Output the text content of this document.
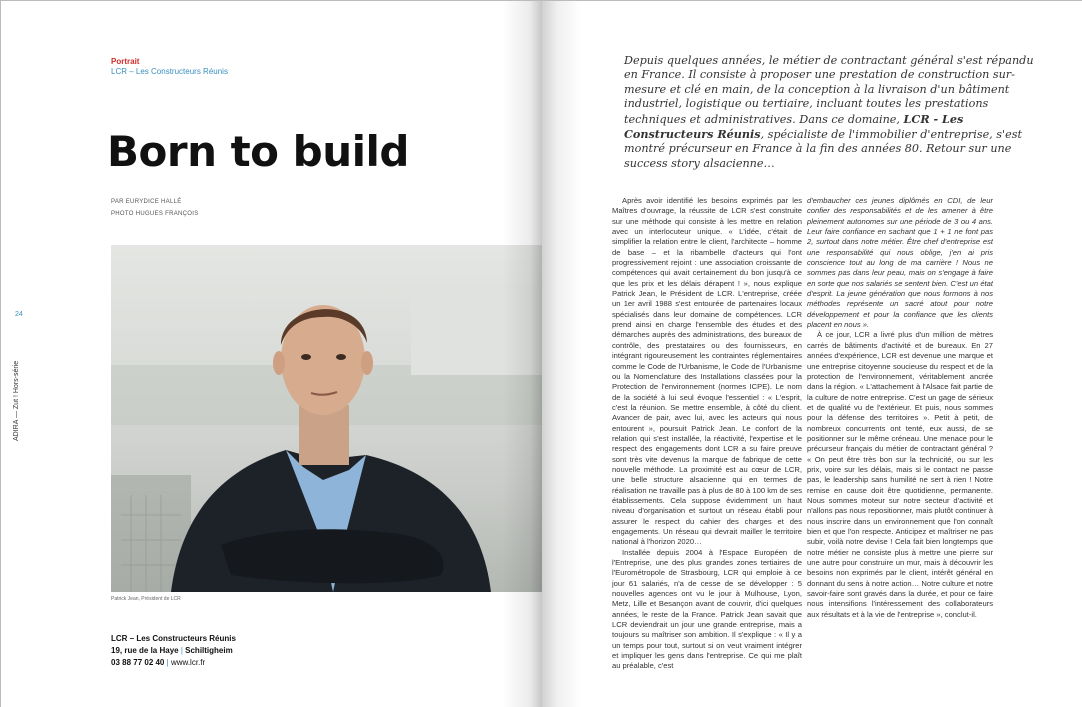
Portrait
LCR – Les Constructeurs Réunis
Born to build
PAR EURYDICE HALLÉ
PHOTO HUGUES FRANÇOIS
24
ADIRA — Zut ! Hors-série
Patrick Jean, Président de LCR
LCR – Les Constructeurs Réunis
19, rue de la Haye | Schiltigheim
03 88 77 02 40 | www.lcr.fr
Depuis quelques années, le métier de contractant général s'est répandu en France. Il consiste à proposer une prestation de construction sur-mesure et clé en main, de la conception à la livraison d'un bâtiment industriel, logistique ou tertiaire, incluant toutes les prestations techniques et administratives. Dans ce domaine, LCR - Les Constructeurs Réunis, spécialiste de l'immobilier d'entreprise, s'est montré précurseur en France à la fin des années 80. Retour sur une success story alsacienne…

Après avoir identifié les besoins exprimés par les Maîtres d'ouvrage, la réussite de LCR s'est construite sur une méthode qui consiste à les mettre en relation avec un interlocuteur unique. « L'idée, c'était de simplifier la relation entre le client, l'architecte – homme de base – et la ribambelle d'acteurs qui l'ont progressivement rejoint : une association croissante de compétences qui avait certainement du bon jusqu'à ce que les prix et les délais dérapent ! », nous explique Patrick Jean, le Président de LCR. L'entreprise, créée un 1er avril 1988 s'est entourée de partenaires locaux spécialisés dans leur domaine de compétences. LCR prend ainsi en charge l'ensemble des études et des démarches auprès des administrations, des bureaux de contrôle, des prestataires ou des fournisseurs, en intégrant rigoureusement les contraintes réglementaires comme le Code de l'Urbanisme, le Code de l'Urbanisme ou la Nomenclature des Installations classées pour la Protection de l'environnement (normes ICPE). Le nom de la société à lui seul évoque l'essentiel : « L'esprit, c'est la réunion. Se mettre ensemble, à côté du client. Avancer de pair, avec lui, avec les acteurs qui nous entourent », poursuit Patrick Jean. Le confort de la relation qui s'est installée, la réactivité, l'expertise et le respect des engagements dont LCR a su faire preuve sont très vite devenus la marque de fabrique de cette nouvelle méthode. La proximité est au cœur de LCR, une belle structure alsacienne qui en termes de réalisation ne travaille pas à plus de 80 à 100 km de ses établissements. Cela suppose évidemment un haut niveau d'organisation et surtout un réseau établi pour assurer le respect du cahier des charges et des engagements. Un réseau qui devrait mailler le territoire national à l'horizon 2020…

Installée depuis 2004 à l'Espace Européen de l'Entreprise, une des plus grandes zones tertiaires de l'Eurométropole de Strasbourg, LCR qui emploie à ce jour 61 salariés, n'a de cesse de se développer : 5 nouvelles agences ont vu le jour à Mulhouse, Lyon, Metz, Lille et Besançon avant de couvrir, d'ici quelques années, le reste de la France. Patrick Jean savait que LCR deviendrait un jour une grande entreprise, mais a toujours su maîtriser son ambition. Il s'explique : « Il y a un temps pour tout, surtout si on veut vraiment intégrer et impliquer les gens dans l'entreprise. Ce qui me plaît au préalable, c'est

d'embaucher ces jeunes diplômés en CDI, de leur confier des responsabilités et de les amener à être pleinement autonomes sur une période de 3 ou 4 ans. Leur faire confiance en sachant que 1 + 1 ne font pas 2, surtout dans notre métier. Être chef d'entreprise est une responsabilité qui nous oblige, j'en ai pris conscience tout au long de ma carrière ! Nous ne sommes pas dans leur peau, mais on s'engage à faire en sorte que nos salariés se sentent bien. C'est un état d'esprit. La jeune génération que nous formons à nos méthodes représente un sacré atout pour notre développement et pour la confiance que les clients placent en nous ».

À ce jour, LCR a livré plus d'un million de mètres carrés de bâtiments d'activité et de bureaux. En 27 années d'expérience, LCR est devenue une marque et une entreprise citoyenne soucieuse du respect et de la protection de l'environnement, véritablement ancrée dans la région. « L'attachement à l'Alsace fait partie de la culture de notre entreprise. C'est un gage de sérieux et de qualité vu de l'extérieur. Et puis, nous sommes pour la défense des territoires ». Petit à petit, de nombreux concurrents ont tenté, eux aussi, de se positionner sur le même créneau. Une menace pour le précurseur français du métier de contractant général ? « On peut être très bon sur la technicité, ou sur les prix, voire sur les délais, mais si le contact ne passe pas, le leadership sans humilité ne sert à rien ! Notre remise en cause doit être quotidienne, permanente. Nous sommes moteur sur notre secteur d'activité et n'allons pas nous repositionner, mais plutôt continuer à nous inscrire dans un environnement que l'on connaît bien et que l'on respecte. Anticipez et maîtriser ne pas subir, voilà notre devise ! Cela fait bien longtemps que notre métier ne consiste plus à mettre une pierre sur une autre pour construire un mur, mais à découvrir les besoins non exprimés par le client, intérêt général en donnant du sens à notre action… Notre culture et notre savoir-faire sont gravés dans la durée, et pour ce faire nous intensifions l'intéressement des collaborateurs aux résultats et à la vie de l'entreprise », conclut-il.
